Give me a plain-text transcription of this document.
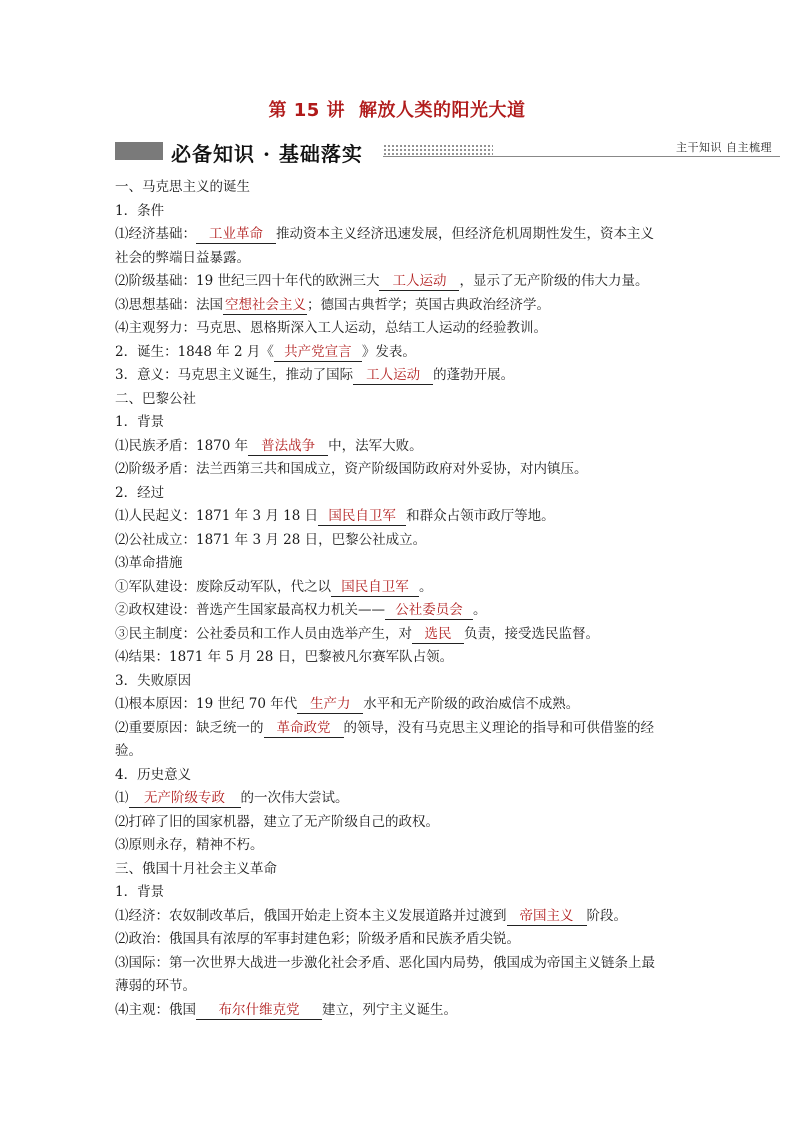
第 15 讲 解放人类的阳光大道
必备知识 · 基础落实	主干知识 自主梳理
一、马克思主义的诞生
1．条件
⑴经济基础： 工业革命 推动资本主义经济迅速发展，但经济危机周期性发生，资本主义
社会的弊端日益暴露。
⑵阶级基础：19 世纪三四十年代的欧洲三大 工人运动 ，显示了无产阶级的伟大力量。
⑶思想基础：法国 空想社会主义；德国古典哲学；英国古典政治经济学。
⑷主观努力：马克思、恩格斯深入工人运动，总结工人运动的经验教训。
2．诞生：1848 年 2 月《 共产党宣言 》发表。
3．意义：马克思主义诞生，推动了国际 工人运动 的蓬勃开展。
二、巴黎公社
1．背景
⑴民族矛盾：1870 年 普法战争 中，法军大败。
⑵阶级矛盾：法兰西第三共和国成立，资产阶级国防政府对外妥协，对内镇压。
2．经过
⑴人民起义：1871 年 3 月 18 日 国民自卫军 和群众占领市政厅等地。
⑵公社成立：1871 年 3 月 28 日，巴黎公社成立。
⑶革命措施
①军队建设：废除反动军队，代之以 国民自卫军 。
②政权建设：普选产生国家最高权力机关—— 公社委员会 。
③民主制度：公社委员和工作人员由选举产生，对 选民 负责，接受选民监督。
⑷结果：1871 年 5 月 28 日，巴黎被凡尔赛军队占领。
3．失败原因
⑴根本原因：19 世纪 70 年代 生产力 水平和无产阶级的政治威信不成熟。
⑵重要原因：缺乏统一的 革命政党 的领导，没有马克思主义理论的指导和可供借鉴的经
验。
4．历史意义
⑴ 无产阶级专政 的一次伟大尝试。
⑵打碎了旧的国家机器，建立了无产阶级自己的政权。
⑶原则永存，精神不朽。
三、俄国十月社会主义革命
1．背景
⑴经济：农奴制改革后，俄国开始走上资本主义发展道路并过渡到 帝国主义 阶段。
⑵政治：俄国具有浓厚的军事封建色彩；阶级矛盾和民族矛盾尖锐。
⑶国际：第一次世界大战进一步激化社会矛盾、恶化国内局势，俄国成为帝国主义链条上最
薄弱的环节。
⑷主观：俄国 布尔什维克党 建立，列宁主义诞生。
